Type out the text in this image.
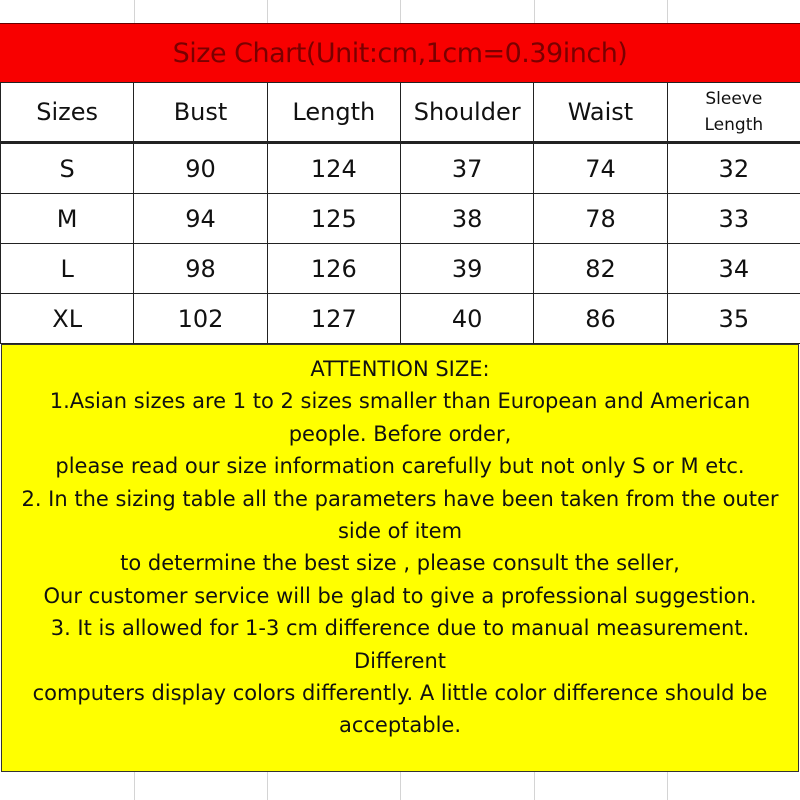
Size Chart(Unit:cm,1cm=0.39inch)
Sizes	Bust	Length	Shoulder	Waist	Sleeve
Length
S	90	124	37	74	32
M	94	125	38	78	33
L	98	126	39	82	34
XL	102	127	40	86	35
ATTENTION SIZE:
1.Asian sizes are 1 to 2 sizes smaller than European and American
people. Before order,
please read our size information carefully but not only S or M etc.
2. In the sizing table all the parameters have been taken from the outer
side of item
to determine the best size , please consult the seller,
Our customer service will be glad to give a professional suggestion.
3. It is allowed for 1-3 cm difference due to manual measurement.
Different
computers display colors differently. A little color difference should be
acceptable.
